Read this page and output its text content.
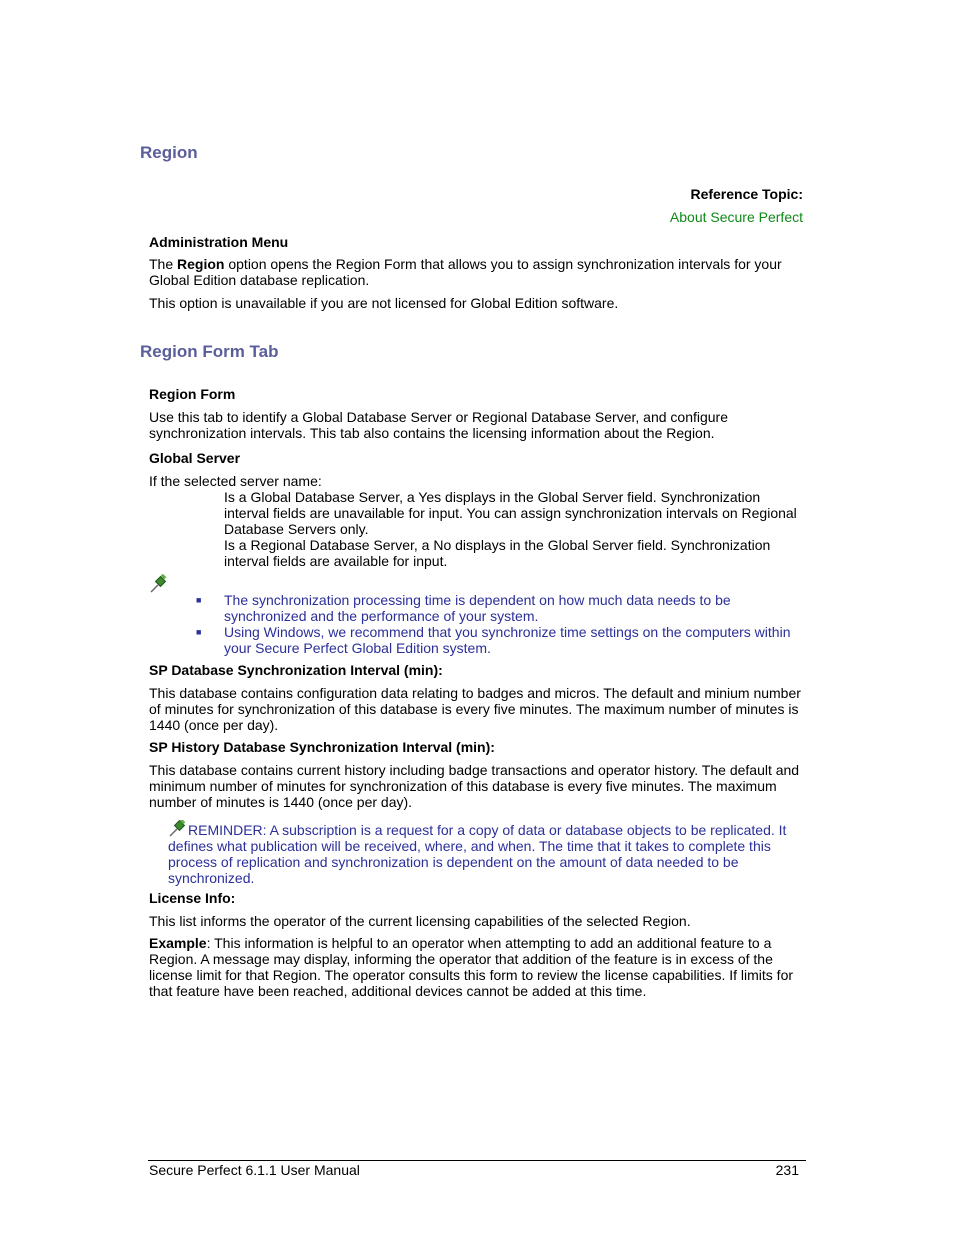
Region
Reference Topic:
About Secure Perfect
Administration Menu
The Region option opens the Region Form that allows you to assign synchronization intervals for your Global Edition database replication.
This option is unavailable if you are not licensed for Global Edition software.
Region Form Tab
Region Form
Use this tab to identify a Global Database Server or Regional Database Server, and configure synchronization intervals. This tab also contains the licensing information about the Region.
Global Server
If the selected server name:
Is a Global Database Server, a Yes displays in the Global Server field. Synchronization interval fields are unavailable for input. You can assign synchronization intervals on Regional Database Servers only.
Is a Regional Database Server, a No displays in the Global Server field. Synchronization interval fields are available for input.
■ The synchronization processing time is dependent on how much data needs to be synchronized and the performance of your system.
■ Using Windows, we recommend that you synchronize time settings on the computers within your Secure Perfect Global Edition system.
SP Database Synchronization Interval (min):
This database contains configuration data relating to badges and micros. The default and minium number of minutes for synchronization of this database is every five minutes. The maximum number of minutes is 1440 (once per day).
SP History Database Synchronization Interval (min):
This database contains current history including badge transactions and operator history. The default and minimum number of minutes for synchronization of this database is every five minutes. The maximum number of minutes is 1440 (once per day).
REMINDER: A subscription is a request for a copy of data or database objects to be replicated. It defines what publication will be received, where, and when. The time that it takes to complete this process of replication and synchronization is dependent on the amount of data needed to be synchronized.
License Info:
This list informs the operator of the current licensing capabilities of the selected Region.
Example: This information is helpful to an operator when attempting to add an additional feature to a Region. A message may display, informing the operator that addition of the feature is in excess of the license limit for that Region. The operator consults this form to review the license capabilities. If limits for that feature have been reached, additional devices cannot be added at this time.
Secure Perfect 6.1.1 User Manual	231
